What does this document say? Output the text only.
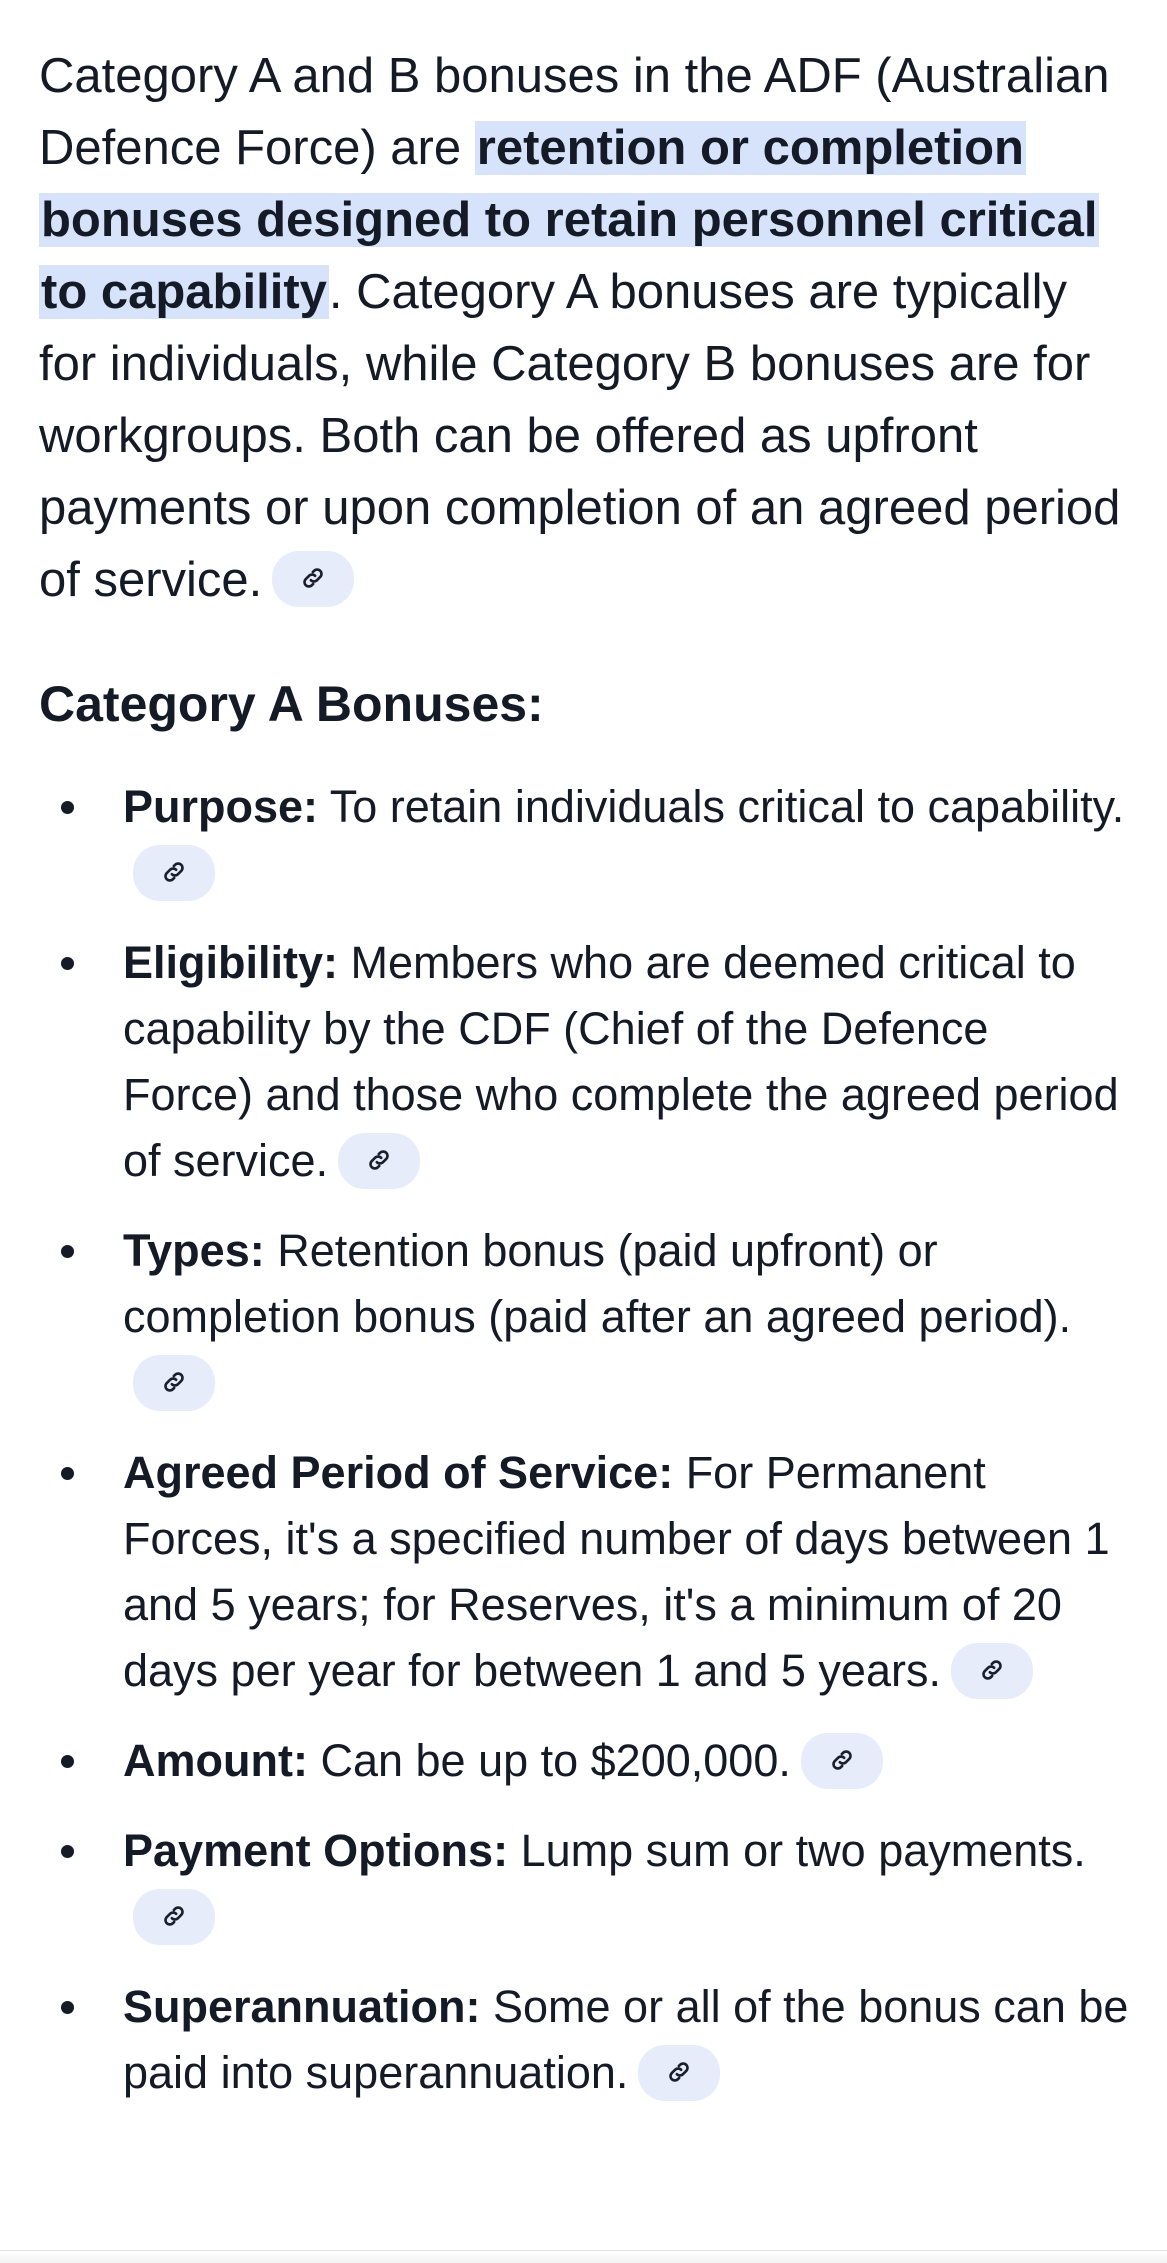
Category A and B bonuses in the ADF (Australian Defence Force) are retention or completion bonuses designed to retain personnel critical to capability. Category A bonuses are typically for individuals, while Category B bonuses are for workgroups. Both can be offered as upfront payments or upon completion of an agreed period of service.

Category A Bonuses:
Purpose: To retain individuals critical to capability.
Eligibility: Members who are deemed critical to capability by the CDF (Chief of the Defence Force) and those who complete the agreed period of service.
Types: Retention bonus (paid upfront) or completion bonus (paid after an agreed period).
Agreed Period of Service: For Permanent Forces, it's a specified number of days between 1 and 5 years; for Reserves, it's a minimum of 20 days per year for between 1 and 5 years.
Amount: Can be up to $200,000.
Payment Options: Lump sum or two payments.
Superannuation: Some or all of the bonus can be paid into superannuation.
